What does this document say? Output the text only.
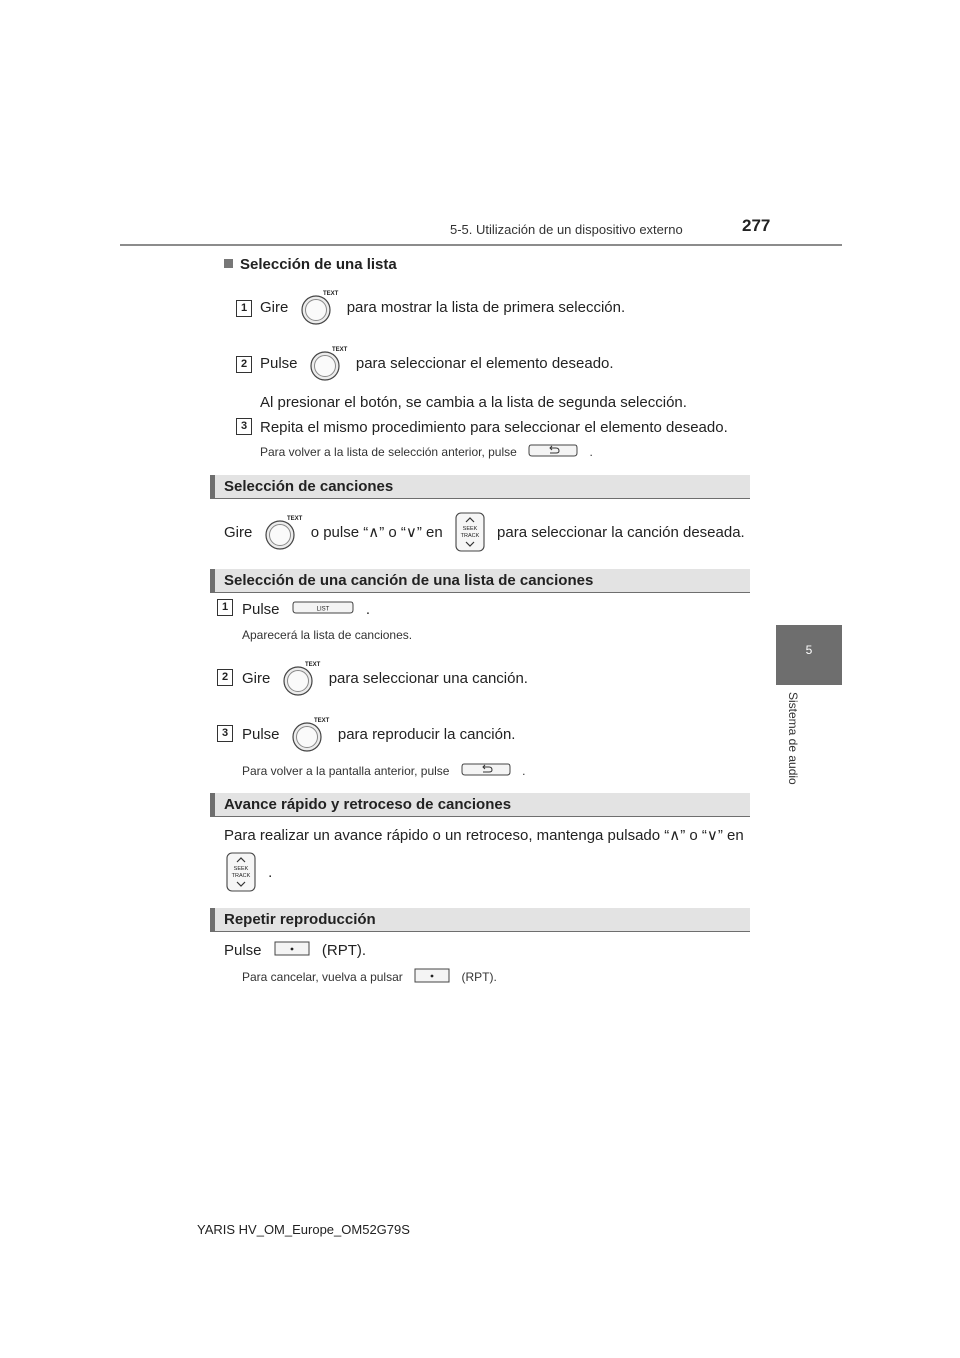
5-5. Utilización de un dispositivo externo	277
5
Sistema de audio
Selección de una lista
1 Gire
TEXT
para mostrar la lista de primera selección.
2 Pulse
TEXT
para seleccionar el elemento deseado.
Al presionar el botón, se cambia a la lista de segunda selección.
3 Repita el mismo procedimiento para seleccionar el elemento deseado.
Para volver a la lista de selección anterior, pulse	.
Selección de canciones
Gire
TEXT
o pulse “∧” o “∨” en	SEEK
TRACK para seleccionar la canción deseada.
Selección de una canción de una lista de canciones
1 Pulse	LIST .
Aparecerá la lista de canciones.
2 Gire
TEXT
para seleccionar una canción.
3 Pulse
TEXT
para reproducir la canción.
Para volver a la pantalla anterior, pulse	.
Avance rápido y retroceso de canciones
Para realizar un avance rápido o un retroceso, mantenga pulsado “∧” o “∨” en
SEEK
TRACK .
Repetir reproducción
Pulse	(RPT).
Para cancelar, vuelva a pulsar	(RPT).
YARIS HV_OM_Europe_OM52G79S
